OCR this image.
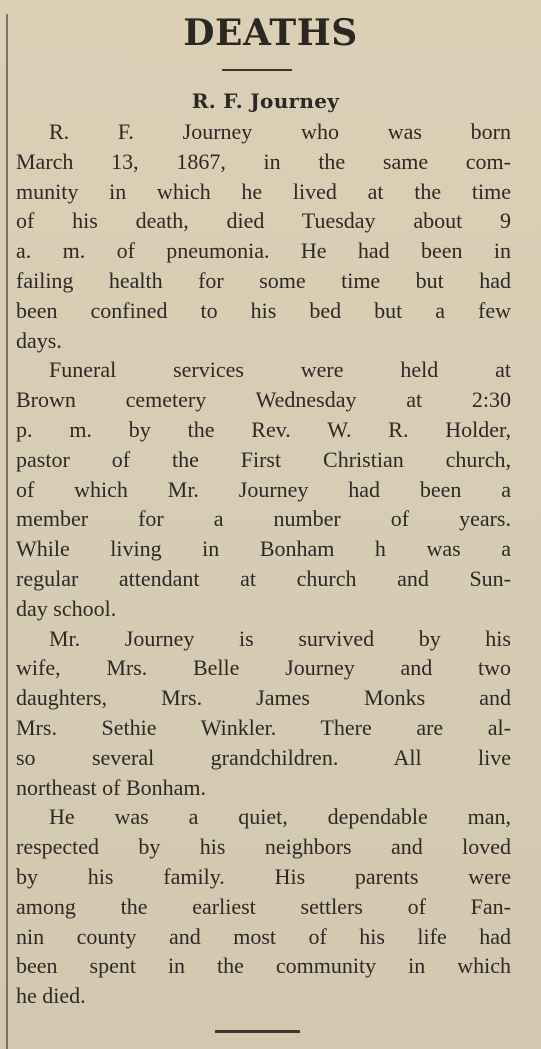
DEATHS
R. F. Journey
R. F. Journey who was born
March 13, 1867, in the same com-
munity in which he lived at the time
of his death, died Tuesday about 9
a. m. of pneumonia. He had been in
failing health for some time but had
been confined to his bed but a few
days.
Funeral services were held at
Brown cemetery Wednesday at 2:30
p. m. by the Rev. W. R. Holder,
pastor of the First Christian church,
of which Mr. Journey had been a
member for a number of years.
While living in Bonham h was a
regular attendant at church and Sun-
day school.
Mr. Journey is survived by his
wife, Mrs. Belle Journey and two
daughters, Mrs. James Monks and
Mrs. Sethie Winkler. There are al-
so several grandchildren. All live
northeast of Bonham.
He was a quiet, dependable man,
respected by his neighbors and loved
by his family. His parents were
among the earliest settlers of Fan-
nin county and most of his life had
been spent in the community in which
he died.
